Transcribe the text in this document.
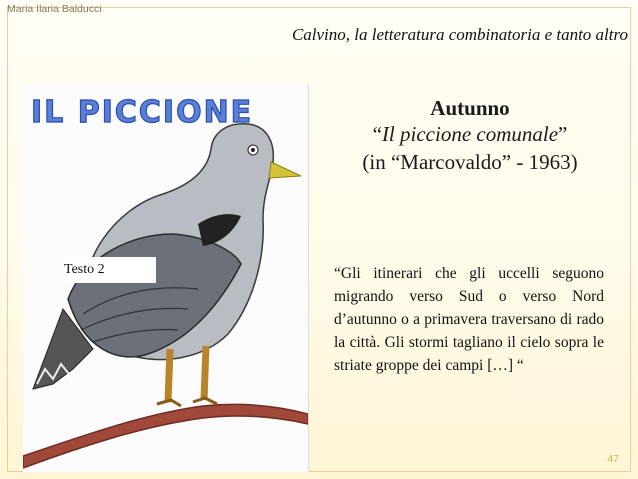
Maria Ilaria Balducci
Calvino, la letteratura combinatoria e tanto altro
IL PICCIONE
Testo 2
Autunno
“Il piccione comunale”
(in “Marcovaldo” - 1963)
“Gli itinerari che gli uccelli seguono migrando verso Sud o verso Nord d’autunno o a primavera traversano di rado la città. Gli stormi tagliano il cielo sopra le striate groppe dei campi […] “
47
